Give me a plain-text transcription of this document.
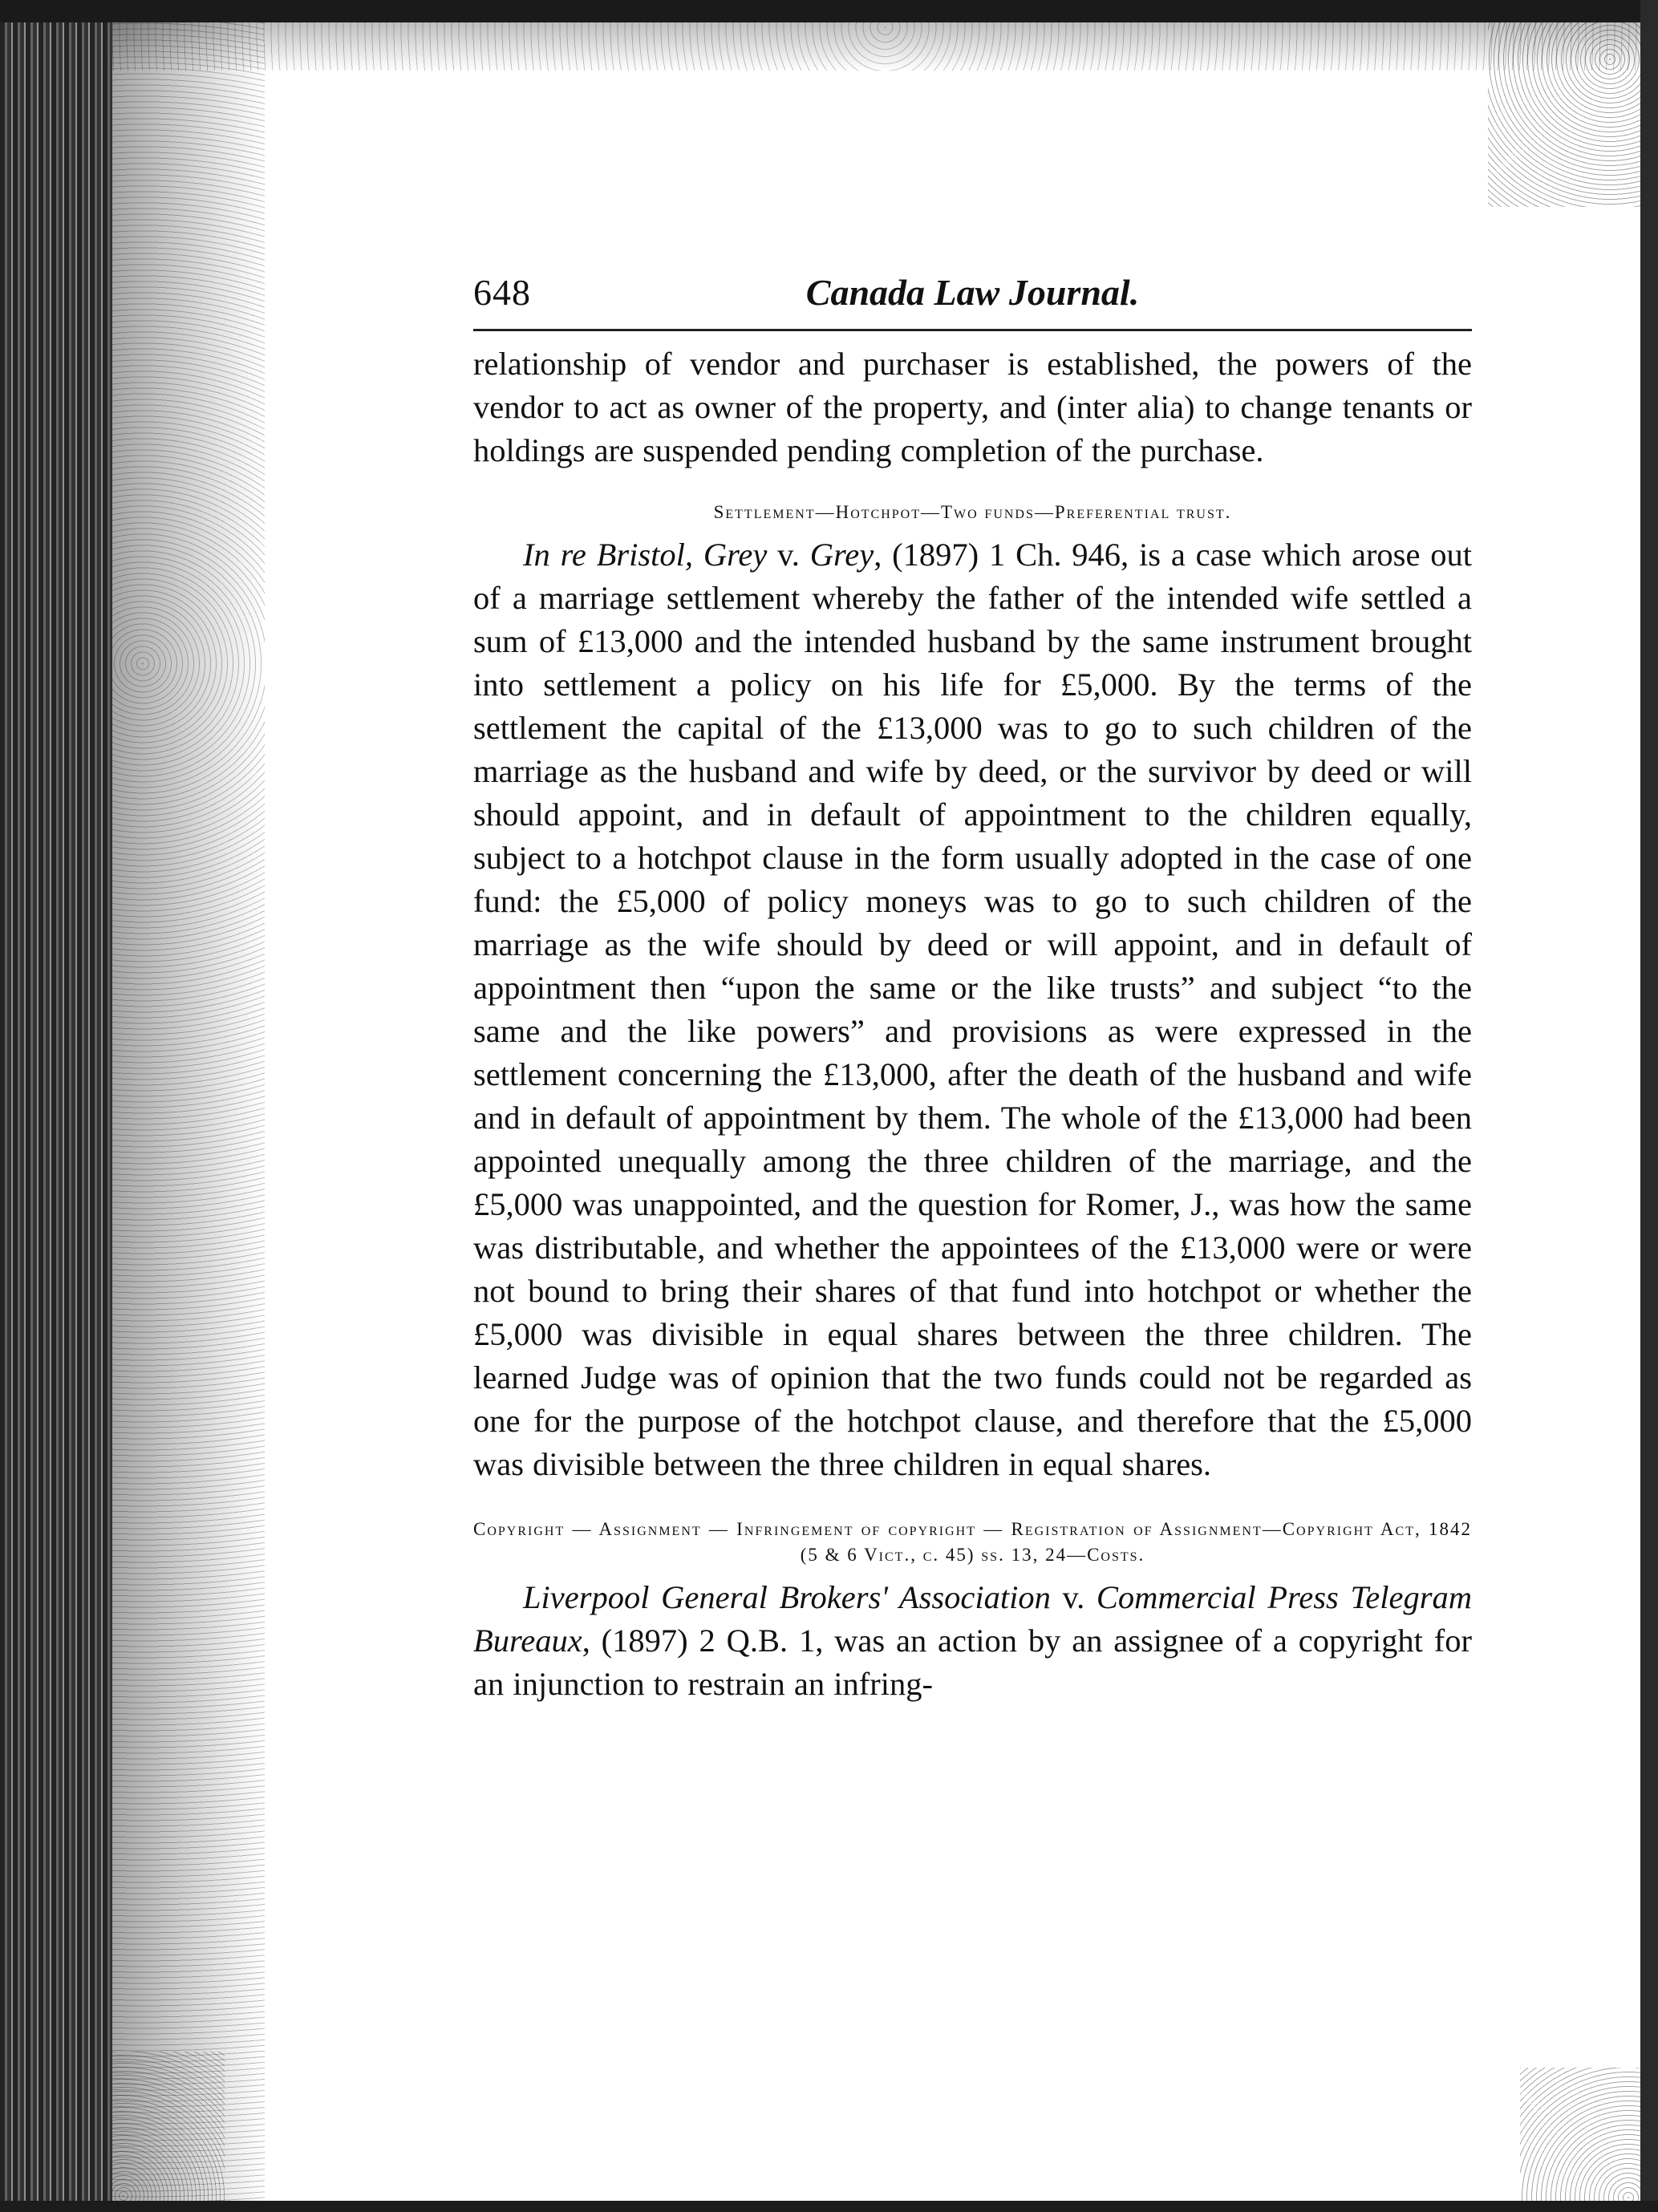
648	Canada Law Journal.

relationship of vendor and purchaser is established, the powers of the vendor to act as owner of the property, and (inter alia) to change tenants or holdings are suspended pending completion of the purchase.

Settlement—Hotchpot—Two funds—Preferential trust.

In re Bristol, Grey v. Grey, (1897) 1 Ch. 946, is a case which arose out of a marriage settlement whereby the father of the intended wife settled a sum of £13,000 and the intended husband by the same instrument brought into settlement a policy on his life for £5,000. By the terms of the settlement the capital of the £13,000 was to go to such children of the marriage as the husband and wife by deed, or the survivor by deed or will should appoint, and in default of appointment to the children equally, subject to a hotchpot clause in the form usually adopted in the case of one fund: the £5,000 of policy moneys was to go to such children of the marriage as the wife should by deed or will appoint, and in default of appointment then “upon the same or the like trusts” and subject “to the same and the like powers” and provisions as were expressed in the settlement concerning the £13,000, after the death of the husband and wife and in default of appointment by them. The whole of the £13,000 had been appointed unequally among the three children of the marriage, and the £5,000 was unappointed, and the question for Romer, J., was how the same was distributable, and whether the appointees of the £13,000 were or were not bound to bring their shares of that fund into hotchpot or whether the £5,000 was divisible in equal shares between the three children. The learned Judge was of opinion that the two funds could not be regarded as one for the purpose of the hotchpot clause, and therefore that the £5,000 was divisible between the three children in equal shares.

Copyright — Assignment — Infringement of copyright — Registration of Assignment—Copyright Act, 1842 (5 & 6 Vict., c. 45) ss. 13, 24—Costs.

Liverpool General Brokers' Association v. Commercial Press Telegram Bureaux, (1897) 2 Q.B. 1, was an action by an assignee of a copyright for an injunction to restrain an infring-
